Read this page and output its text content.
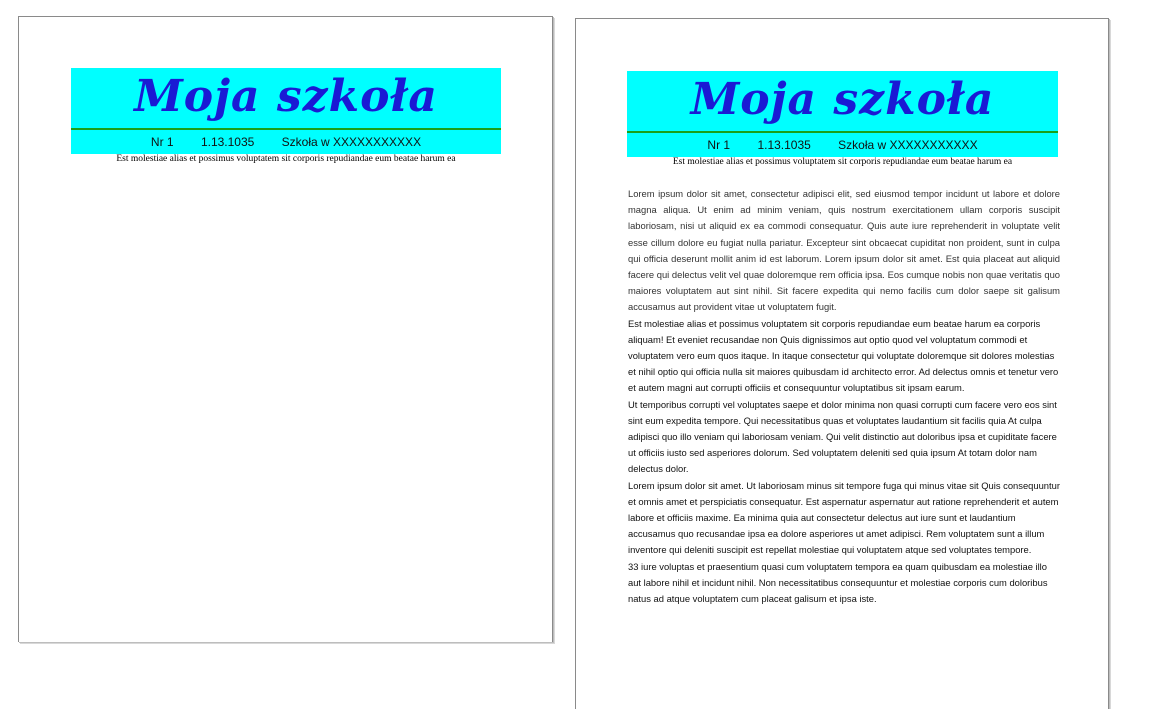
Moja szkoła
Nr 1 1.13.1035 Szkoła w XXXXXXXXXXX
Est molestiae alias et possimus voluptatem sit corporis repudiandae eum beatae harum ea
Moja szkoła
Nr 1 1.13.1035 Szkoła w XXXXXXXXXXX
Est molestiae alias et possimus voluptatem sit corporis repudiandae eum beatae harum ea

Lorem ipsum dolor sit amet, consectetur adipisci elit, sed eiusmod tempor incidunt ut labore et dolore magna aliqua. Ut enim ad minim veniam, quis nostrum exercitationem ullam corporis suscipit laboriosam, nisi ut aliquid ex ea commodi consequatur. Quis aute iure reprehenderit in voluptate velit esse cillum dolore eu fugiat nulla pariatur. Excepteur sint obcaecat cupiditat non proident, sunt in culpa qui officia deserunt mollit anim id est laborum. Lorem ipsum dolor sit amet. Est quia placeat aut aliquid facere qui delectus velit vel quae doloremque rem officia ipsa. Eos cumque nobis non quae veritatis quo maiores voluptatem aut sint nihil. Sit facere expedita qui nemo facilis cum dolor saepe sit galisum accusamus aut provident vitae ut voluptatem fugit.

Est molestiae alias et possimus voluptatem sit corporis repudiandae eum beatae harum ea corporis aliquam! Et eveniet recusandae non Quis dignissimos aut optio quod vel voluptatum commodi et voluptatem vero eum quos itaque. In itaque consectetur qui voluptate doloremque sit dolores molestias et nihil optio qui officia nulla sit maiores quibusdam id architecto error. Ad delectus omnis et tenetur vero et autem magni aut corrupti officiis et consequuntur voluptatibus sit ipsam earum.

Ut temporibus corrupti vel voluptates saepe et dolor minima non quasi corrupti cum facere vero eos sint sint eum expedita tempore. Qui necessitatibus quas et voluptates laudantium sit facilis quia At culpa adipisci quo illo veniam qui laboriosam veniam. Qui velit distinctio aut doloribus ipsa et cupiditate facere ut officiis iusto sed asperiores dolorum. Sed voluptatem deleniti sed quia ipsum At totam dolor nam delectus dolor.

Lorem ipsum dolor sit amet. Ut laboriosam minus sit tempore fuga qui minus vitae sit Quis consequuntur et omnis amet et perspiciatis consequatur. Est aspernatur aspernatur aut ratione reprehenderit et autem labore et officiis maxime. Ea minima quia aut consectetur delectus aut iure sunt et laudantium accusamus quo recusandae ipsa ea dolore asperiores ut amet adipisci. Rem voluptatem sunt a illum inventore qui deleniti suscipit est repellat molestiae qui voluptatem atque sed voluptates tempore.

33 iure voluptas et praesentium quasi cum voluptatem tempora ea quam quibusdam ea molestiae illo aut labore nihil et incidunt nihil. Non necessitatibus consequuntur et molestiae corporis cum doloribus natus ad atque voluptatem cum placeat galisum et ipsa iste.
